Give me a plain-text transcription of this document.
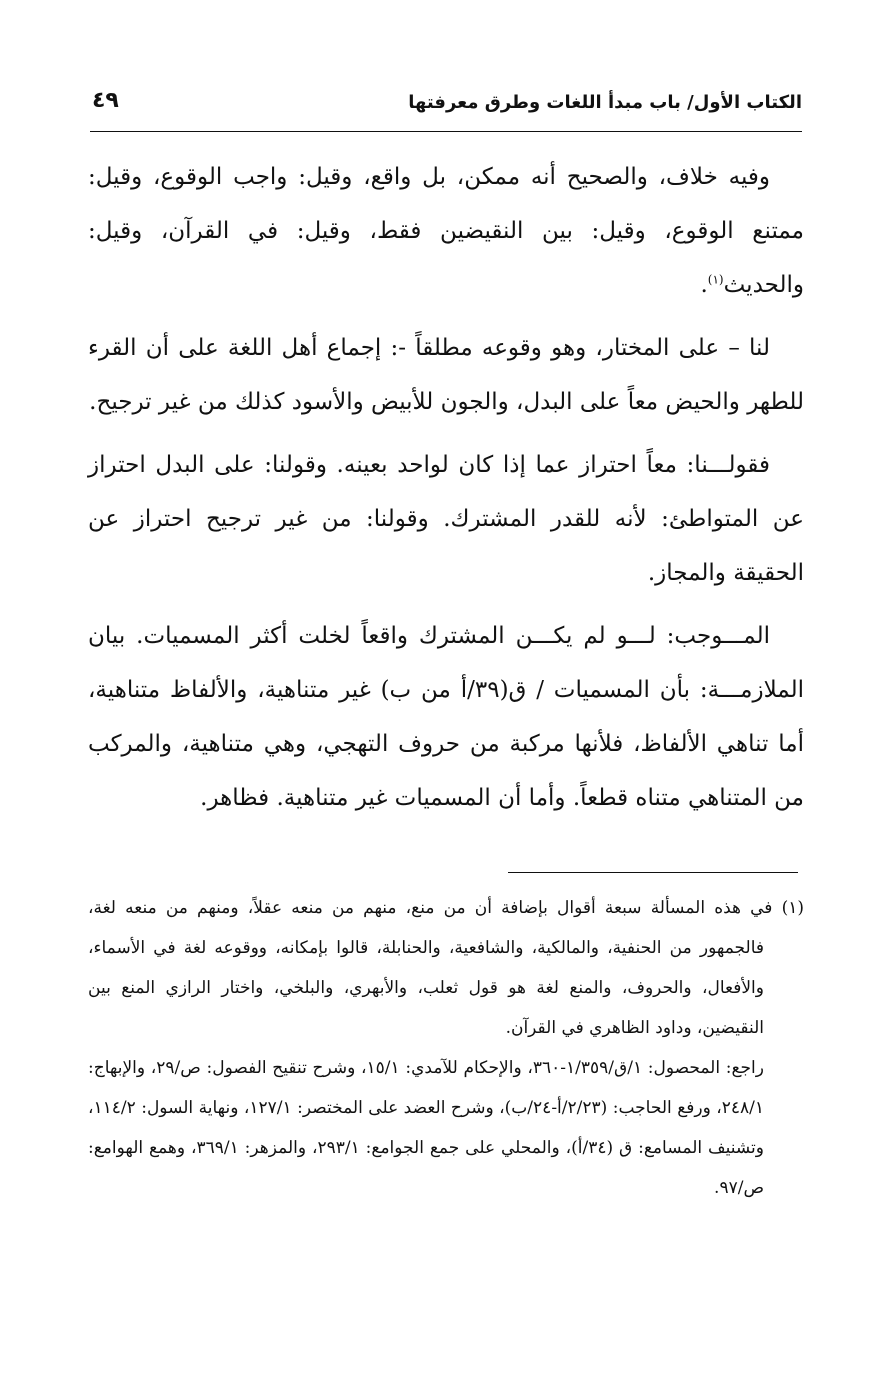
الكتاب الأول/ باب مبدأ اللغات وطرق معرفتها
٤٩

وفيه خلاف، والصحيح أنه ممكن، بل واقع، وقيل: واجب الوقوع، وقيل: ممتنع الوقوع، وقيل: بين النقيضين فقط، وقيل: في القرآن، وقيل: والحديث$^{(١)}$.

لنا – على المختار، وهو وقوعه مطلقاً -: إجماع أهل اللغة على أن القرء للطهر والحيض معاً على البدل، والجون للأبيض والأسود كذلك من غير ترجيح.

فقولـــنا: معاً احتراز عما إذا كان لواحد بعينه. وقولنا: على البدل احتراز عن المتواطئ: لأنه للقدر المشترك. وقولنا: من غير ترجيح احتراز عن الحقيقة والمجاز.

المـــوجب: لـــو لم يكـــن المشترك واقعاً لخلت أكثر المسميات. بيان الملازمـــة: بأن المسميات / ق(٣٩/أ من ب) غير متناهية، والألفاظ متناهية، أما تناهي الألفاظ، فلأنها مركبة من حروف التهجي، وهي متناهية، والمركب من المتناهي متناه قطعاً. وأما أن المسميات غير متناهية. فظاهر.

(١) في هذه المسألة سبعة أقوال بإضافة أن من منع، منهم من منعه عقلاً، ومنهم من منعه لغة، فالجمهور من الحنفية، والمالكية، والشافعية، والحنابلة، قالوا بإمكانه، ووقوعه لغة في الأسماء، والأفعال، والحروف، والمنع لغة هو قول ثعلب، والأبهري، والبلخي، واختار الرازي المنع بين النقيضين، وداود الظاهري في القرآن.

راجع: المحصول: ١/ق/١/٣٥٩-٣٦٠، والإحكام للآمدي: ١٥/١، وشرح تنقيح الفصول: ص/٢٩، والإبهاج: ٢٤٨/١، ورفع الحاجب: (٢/٢٣/أ-٢٤/ب)، وشرح العضد على المختصر: ١٢٧/١، ونهاية السول: ١١٤/٢، وتشنيف المسامع: ق (٣٤/أ)، والمحلي على جمع الجوامع: ٢٩٣/١، والمزهر: ٣٦٩/١، وهمع الهوامع: ص/٩٧.
